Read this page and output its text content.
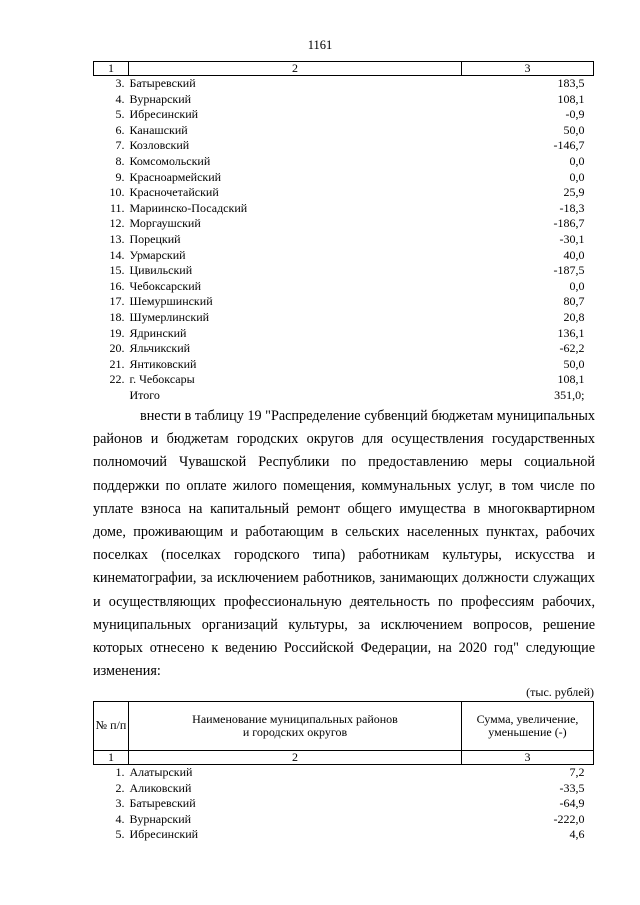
1161
1	2	3
3.	Батыревский	183,5
4.	Вурнарский	108,1
5.	Ибресинский	-0,9
6.	Канашский	50,0
7.	Козловский	-146,7
8.	Комсомольский	0,0
9.	Красноармейский	0,0
10.	Красночетайский	25,9
11.	Мариинско-Посадский	-18,3
12.	Моргаушский	-186,7
13.	Порецкий	-30,1
14.	Урмарский	40,0
15.	Цивильский	-187,5
16.	Чебоксарский	0,0
17.	Шемуршинский	80,7
18.	Шумерлинский	20,8
19.	Ядринский	136,1
20.	Яльчикский	-62,2
21.	Янтиковский	50,0
22.	г. Чебоксары	108,1
	Итого	351,0;

внести в таблицу 19 "Распределение субвенций бюджетам муниципальных районов и бюджетам городских округов для осуществления государственных полномочий Чувашской Республики по предоставлению меры социальной поддержки по оплате жилого помещения, коммунальных услуг, в том числе по уплате взноса на капитальный ремонт общего имущества в многоквартирном доме, проживающим и работающим в сельских населенных пунктах, рабочих поселках (поселках городского типа) работникам культуры, искусства и кинематографии, за исключением работников, занимающих должности служащих и осуществляющих профессиональную деятельность по профессиям рабочих, муниципальных организаций культуры, за исключением вопросов, решение которых отнесено к ведению Российской Федерации, на 2020 год" следующие изменения:

(тыс. рублей)
№ п/п	Наименование муниципальных районов и городских округов	Сумма, увеличение, уменьшение (-)
1	2	3
1.	Алатырский	7,2
2.	Аликовский	-33,5
3.	Батыревский	-64,9
4.	Вурнарский	-222,0
5.	Ибресинский	4,6
